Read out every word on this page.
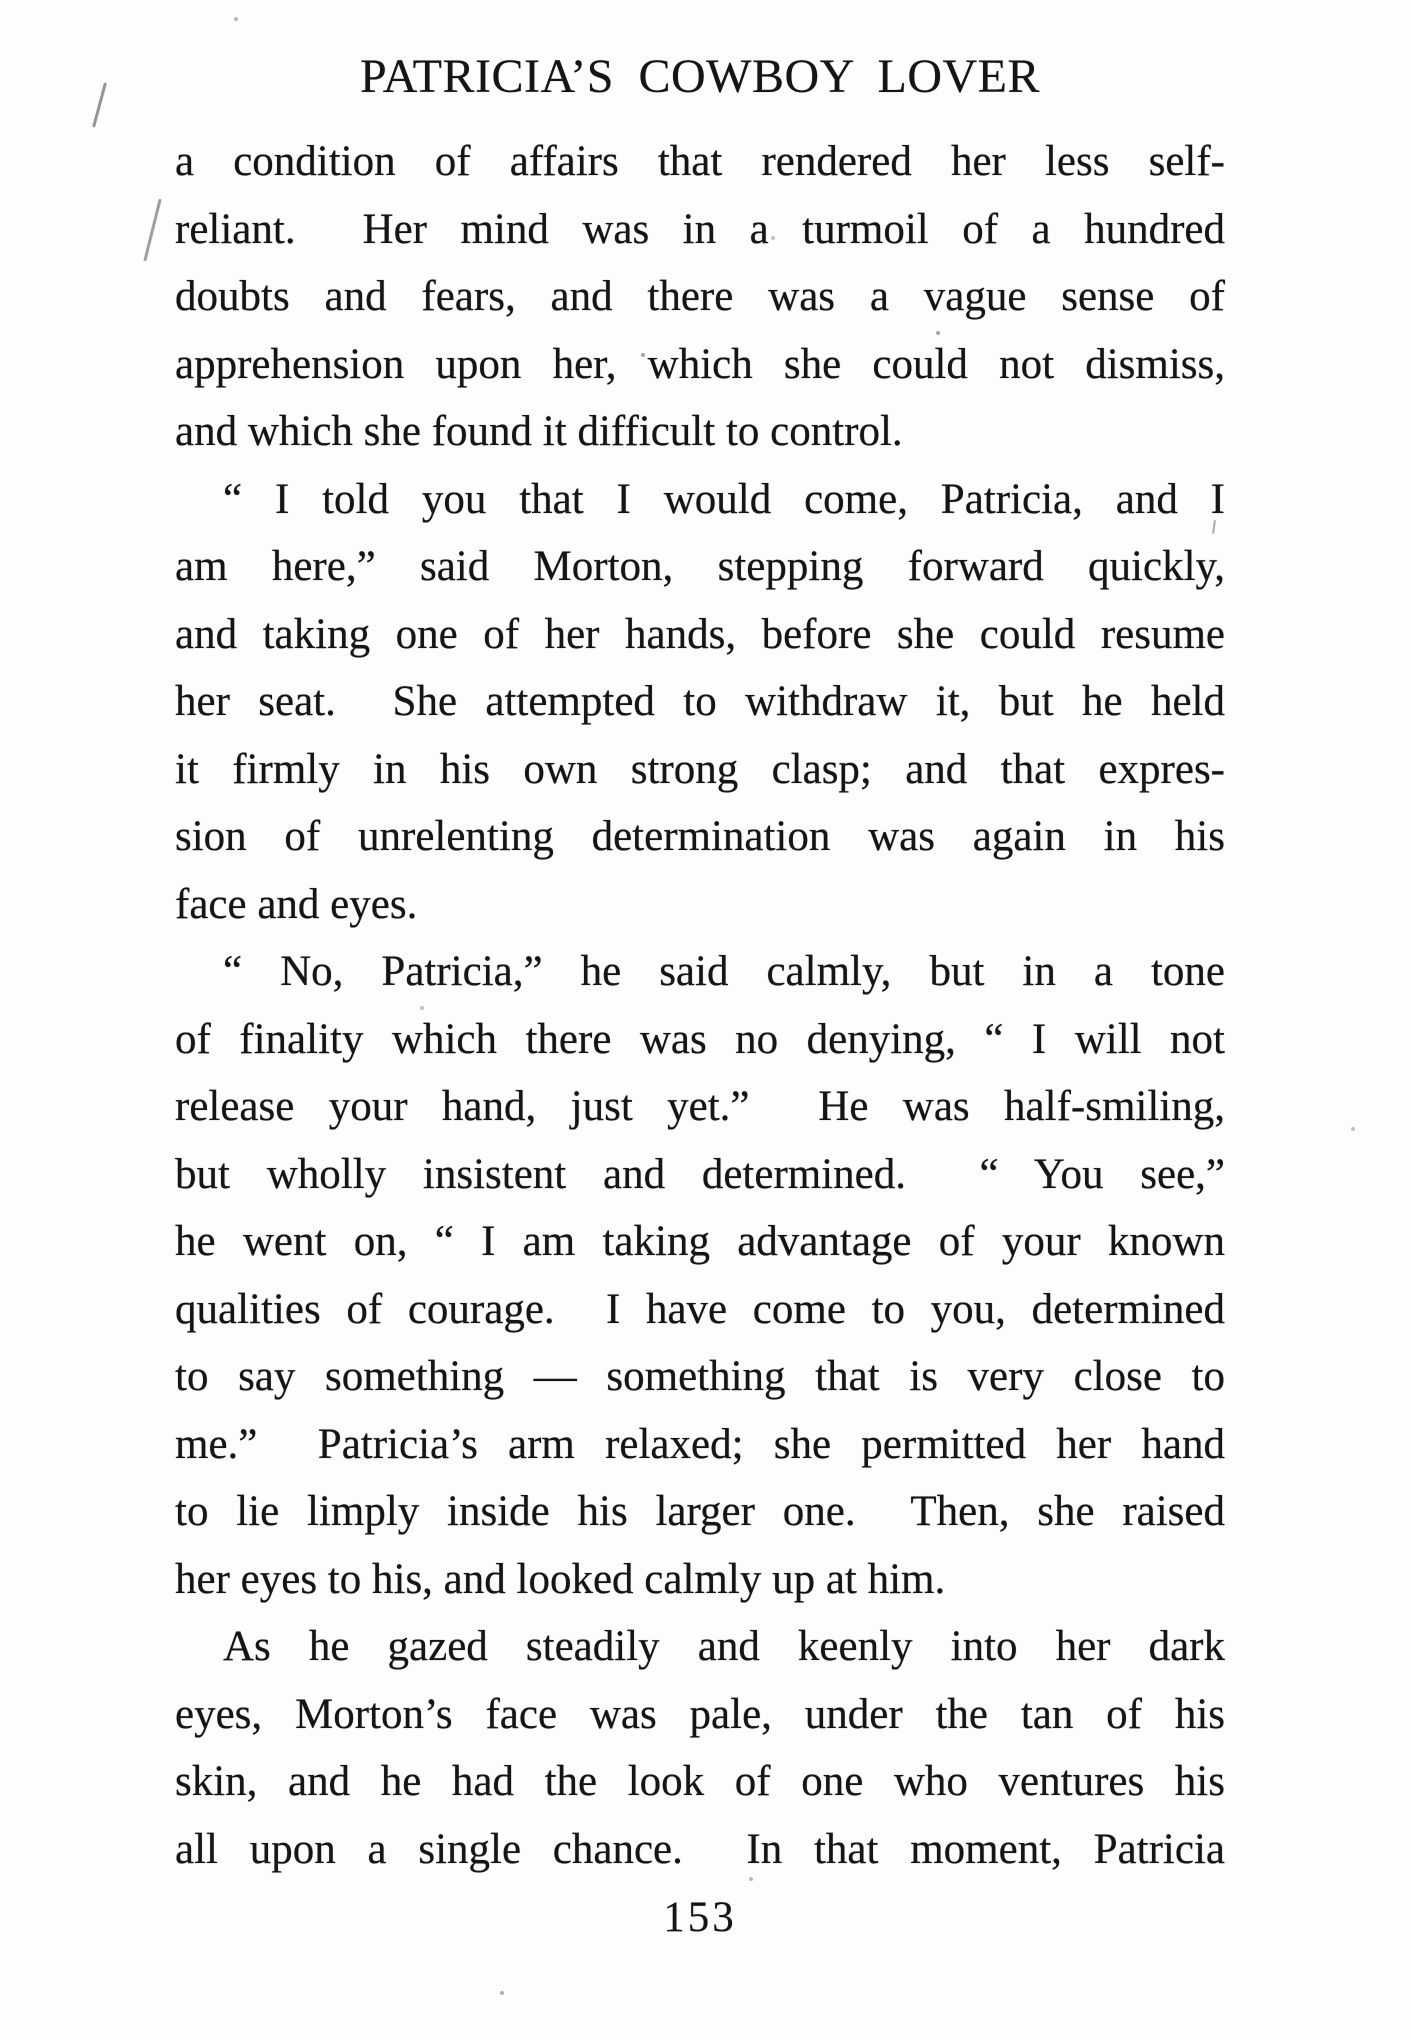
PATRICIA’S COWBOY LOVER
a condition of affairs that rendered her less self-
reliant.  Her mind was in a turmoil of a hundred
doubts and fears, and there was a vague sense of
apprehension upon her, which she could not dismiss,
and which she found it difficult to control.
“ I told you that I would come, Patricia, and I
am here,” said Morton, stepping forward quickly,
and taking one of her hands, before she could resume
her seat.  She attempted to withdraw it, but he held
it firmly in his own strong clasp; and that expres-
sion of unrelenting determination was again in his
face and eyes.
“ No, Patricia,” he said calmly, but in a tone
of finality which there was no denying, “ I will not
release your hand, just yet.”  He was half-smiling,
but wholly insistent and determined.  “ You see,”
he went on, “ I am taking advantage of your known
qualities of courage.  I have come to you, determined
to say something — something that is very close to
me.”  Patricia’s arm relaxed; she permitted her hand
to lie limply inside his larger one.  Then, she raised
her eyes to his, and looked calmly up at him.
As he gazed steadily and keenly into her dark
eyes, Morton’s face was pale, under the tan of his
skin, and he had the look of one who ventures his
all upon a single chance.  In that moment, Patricia
153
